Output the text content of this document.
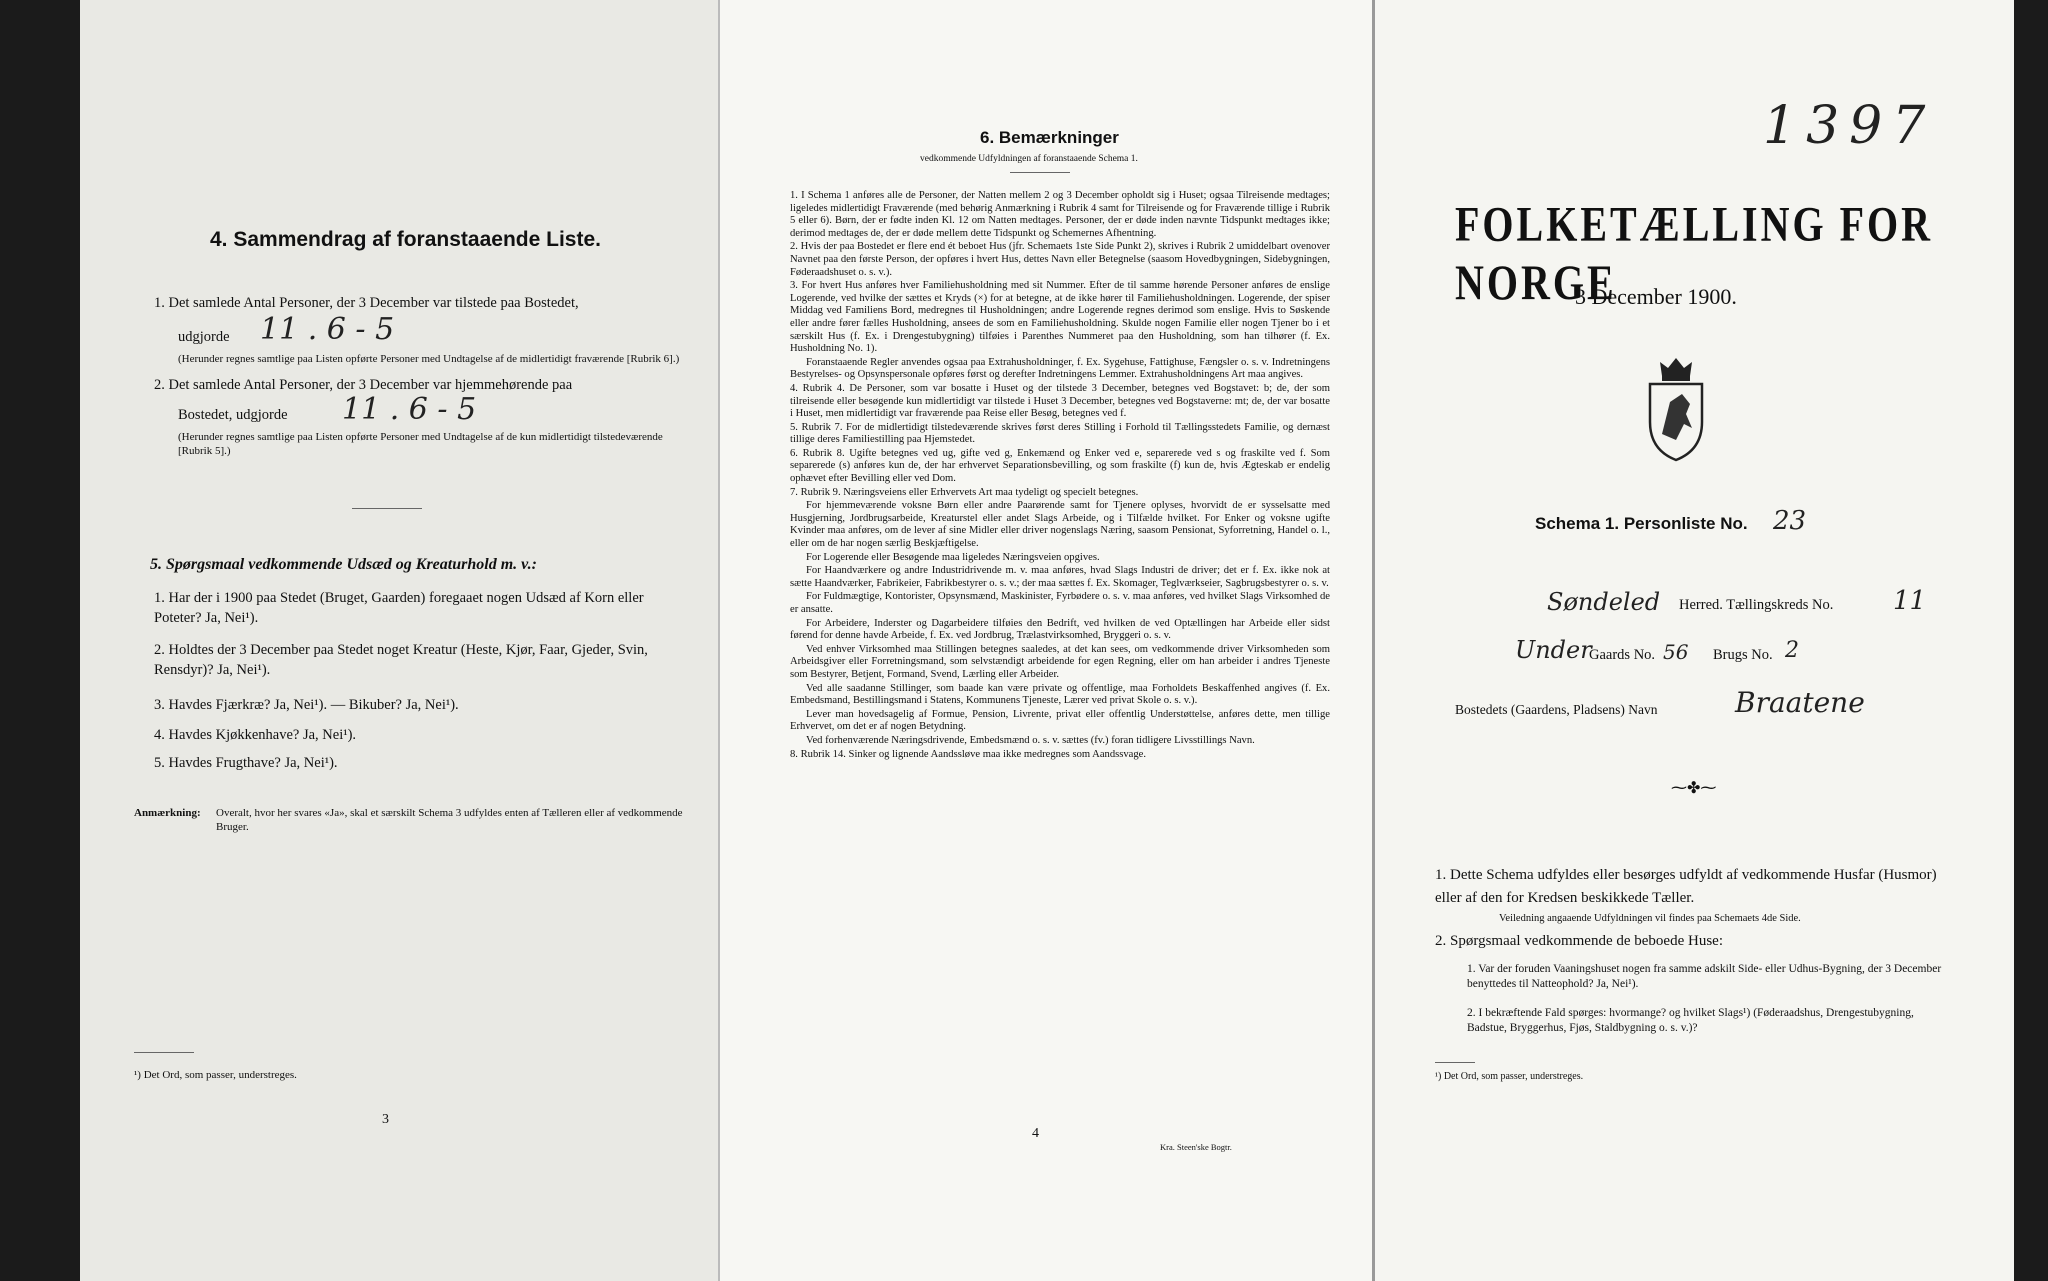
4. Sammendrag af foranstaaende Liste.
1. Det samlede Antal Personer, der 3 December var tilstede paa Bostedet,
udgjorde 11 . 6 - 5
(Herunder regnes samtlige paa Listen opførte Personer med Undtagelse af de midlertidigt fraværende [Rubrik 6].)
2. Det samlede Antal Personer, der 3 December var hjemmehørende paa
Bostedet, udgjorde 11 . 6 - 5
(Herunder regnes samtlige paa Listen opførte Personer med Undtagelse af de kun midlertidigt tilstedeværende [Rubrik 5].)
5. Spørgsmaal vedkommende Udsæd og Kreaturhold m. v.:
1. Har der i 1900 paa Stedet (Bruget, Gaarden) foregaaet nogen Udsæd af Korn eller Poteter? Ja, Nei¹).
2. Holdtes der 3 December paa Stedet noget Kreatur (Heste, Kjør, Faar, Gjeder, Svin, Rensdyr)? Ja, Nei¹).
3. Havdes Fjærkræ? Ja, Nei¹). — Bikuber? Ja, Nei¹).
4. Havdes Kjøkkenhave? Ja, Nei¹).
5. Havdes Frugthave? Ja, Nei¹).
Anmærkning: Overalt, hvor her svares «Ja», skal et særskilt Schema 3 udfyldes enten af Tælleren eller af vedkommende Bruger.
¹) Det Ord, som passer, understreges.
3
6. Bemærkninger
vedkommende Udfyldningen af foranstaaende Schema 1.
1. I Schema 1 anføres alle de Personer, der Natten mellem 2 og 3 December opholdt sig i Huset; ogsaa Tilreisende medtages; ligeledes midlertidigt Fraværende (med behørig Anmærkning i Rubrik 4 samt for Tilreisende og for Fraværende tillige i Rubrik 5 eller 6). Børn, der er fødte inden Kl. 12 om Natten medtages. Personer, der er døde inden nævnte Tidspunkt medtages ikke; derimod medtages de, der er døde mellem dette Tidspunkt og Schemernes Afhentning.
2. Hvis der paa Bostedet er flere end ét beboet Hus (jfr. Schemaets 1ste Side Punkt 2), skrives i Rubrik 2 umiddelbart ovenover Navnet paa den første Person, der opføres i hvert Hus, dettes Navn eller Betegnelse (saasom Hovedbygningen, Sidebygningen, Føderaadshuset o. s. v.).
3. For hvert Hus anføres hver Familiehusholdning med sit Nummer. Efter de til samme hørende Personer anføres de enslige Logerende, ved hvilke der sættes et Kryds (×) for at betegne, at de ikke hører til Familiehusholdningen. Logerende, der spiser Middag ved Familiens Bord, medregnes til Husholdningen; andre Logerende regnes derimod som enslige. Hvis to Søskende eller andre fører fælles Husholdning, ansees de som en Familiehusholdning. Skulde nogen Familie eller nogen Tjener bo i et særskilt Hus (f. Ex. i Drengestubygning) tilføies i Parenthes Nummeret paa den Husholdning, som han tilhører (f. Ex. Husholdning No. 1).
Foranstaaende Regler anvendes ogsaa paa Extrahusholdninger, f. Ex. Sygehuse, Fattighuse, Fængsler o. s. v. Indretningens Bestyrelses- og Opsynspersonale opføres først og derefter Indretningens Lemmer. Extrahusholdningens Art maa angives.
4. Rubrik 4. De Personer, som var bosatte i Huset og der tilstede 3 December, betegnes ved Bogstavet: b; de, der som tilreisende eller besøgende kun midlertidigt var tilstede i Huset 3 December, betegnes ved Bogstaverne: mt; de, der var bosatte i Huset, men midlertidigt var fraværende paa Reise eller Besøg, betegnes ved f.
5. Rubrik 7. For de midlertidigt tilstedeværende skrives først deres Stilling i Forhold til Tællingsstedets Familie, og dernæst tillige deres Familiestilling paa Hjemstedet.
6. Rubrik 8. Ugifte betegnes ved ug, gifte ved g, Enkemænd og Enker ved e, separerede ved s og fraskilte ved f. Som separerede (s) anføres kun de, der har erhvervet Separationsbevilling, og som fraskilte (f) kun de, hvis Ægteskab er endelig ophævet efter Bevilling eller ved Dom.
7. Rubrik 9. Næringsveiens eller Erhvervets Art maa tydeligt og specielt betegnes.
For hjemmeværende voksne Børn eller andre Paarørende samt for Tjenere oplyses, hvorvidt de er sysselsatte med Husgjerning, Jordbrugsarbeide, Kreaturstel eller andet Slags Arbeide, og i Tilfælde hvilket. For Enker og voksne ugifte Kvinder maa anføres, om de lever af sine Midler eller driver nogenslags Næring, saasom Pensionat, Syforretning, Handel o. l., eller om de har nogen særlig Beskjæftigelse.
For Logerende eller Besøgende maa ligeledes Næringsveien opgives.
For Haandværkere og andre Industridrivende m. v. maa anføres, hvad Slags Industri de driver; det er f. Ex. ikke nok at sætte Haandværker, Fabrikeier, Fabrikbestyrer o. s. v.; der maa sættes f. Ex. Skomager, Teglværkseier, Sagbrugsbestyrer o. s. v.
For Fuldmægtige, Kontorister, Opsynsmænd, Maskinister, Fyrbødere o. s. v. maa anføres, ved hvilket Slags Virksomhed de er ansatte.
For Arbeidere, Inderster og Dagarbeidere tilføies den Bedrift, ved hvilken de ved Optællingen har Arbeide eller sidst førend for denne havde Arbeide, f. Ex. ved Jordbrug, Trælastvirksomhed, Bryggeri o. s. v.
Ved enhver Virksomhed maa Stillingen betegnes saaledes, at det kan sees, om vedkommende driver Virksomheden som Arbeidsgiver eller Forretningsmand, som selvstændigt arbeidende for egen Regning, eller om han arbeider i andres Tjeneste som Bestyrer, Betjent, Formand, Svend, Lærling eller Arbeider.
Ved alle saadanne Stillinger, som baade kan være private og offentlige, maa Forholdets Beskaffenhed angives (f. Ex. Embedsmand, Bestillingsmand i Statens, Kommunens Tjeneste, Lærer ved privat Skole o. s. v.).
Lever man hovedsagelig af Formue, Pension, Livrente, privat eller offentlig Understøttelse, anføres dette, men tillige Erhvervet, om det er af nogen Betydning.
Ved forhenværende Næringsdrivende, Embedsmænd o. s. v. sættes (fv.) foran tidligere Livsstillings Navn.
8. Rubrik 14. Sinker og lignende Aandssløve maa ikke medregnes som Aandssvage.
4
Kra. Steen'ske Bogtr.
1397
FOLKETÆLLING FOR NORGE
3 December 1900.
Schema 1. Personliste No. 23
Søndeled Herred. Tællingskreds No. 11
Under
Gaards No. 56 Brugs No. 2
Bostedets (Gaardens, Pladsens) Navn	Braatene
⁓✤⁓
1. Dette Schema udfyldes eller besørges udfyldt af vedkommende Husfar (Husmor) eller af den for Kredsen beskikkede Tæller.
Veiledning angaaende Udfyldningen vil findes paa Schemaets 4de Side.
2. Spørgsmaal vedkommende de beboede Huse:
1. Var der foruden Vaaningshuset nogen fra samme adskilt Side- eller Udhus-Bygning, der 3 December benyttedes til Natteophold? Ja, Nei¹).
2. I bekræftende Fald spørges: hvormange? og hvilket Slags¹) (Føderaadshus, Drengestubygning, Badstue, Bryggerhus, Fjøs, Staldbygning o. s. v.)?
¹) Det Ord, som passer, understreges.
